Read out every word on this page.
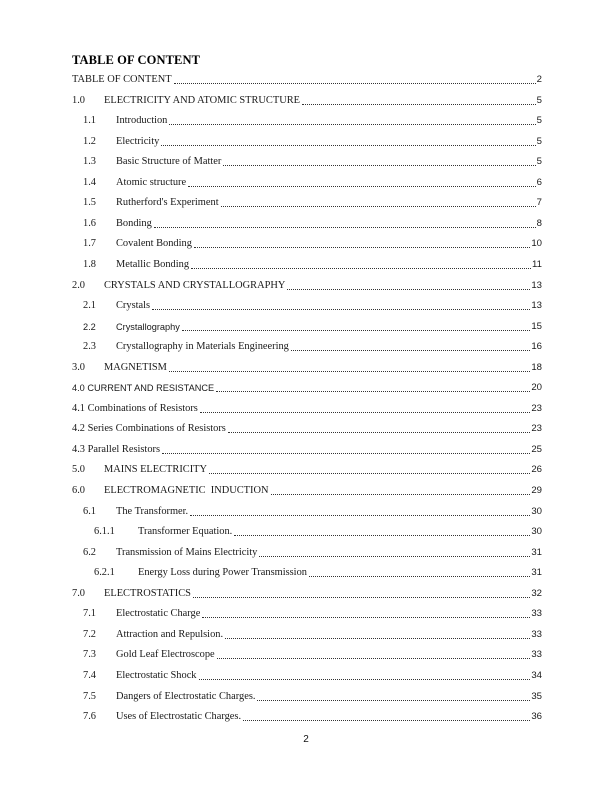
TABLE OF CONTENT
TABLE OF CONTENT	2
1.0	ELECTRICITY AND ATOMIC STRUCTURE	5
1.1	Introduction	5
1.2	Electricity	5
1.3	Basic Structure of Matter	5
1.4	Atomic structure	6
1.5	Rutherford's Experiment	7
1.6	Bonding	8
1.7	Covalent Bonding	10
1.8	Metallic Bonding	11
2.0	CRYSTALS AND CRYSTALLOGRAPHY	13
2.1	Crystals	13
2.2	Crystallography	15
2.3	Crystallography in Materials Engineering	16
3.0	MAGNETISM	18
4.0 CURRENT AND RESISTANCE	20
4.1 Combinations of Resistors	23
4.2 Series Combinations of Resistors	23
4.3 Parallel Resistors	25
5.0	MAINS ELECTRICITY	26
6.0	ELECTROMAGNETIC  INDUCTION	29
6.1	The Transformer.	30
6.1.1	Transformer Equation.	30
6.2	Transmission of Mains Electricity	31
6.2.1	Energy Loss during Power Transmission	31
7.0	ELECTROSTATICS	32
7.1	Electrostatic Charge	33
7.2	Attraction and Repulsion.	33
7.3	Gold Leaf Electroscope	33
7.4	Electrostatic Shock	34
7.5	Dangers of Electrostatic Charges.	35
7.6	Uses of Electrostatic Charges.	36
2
